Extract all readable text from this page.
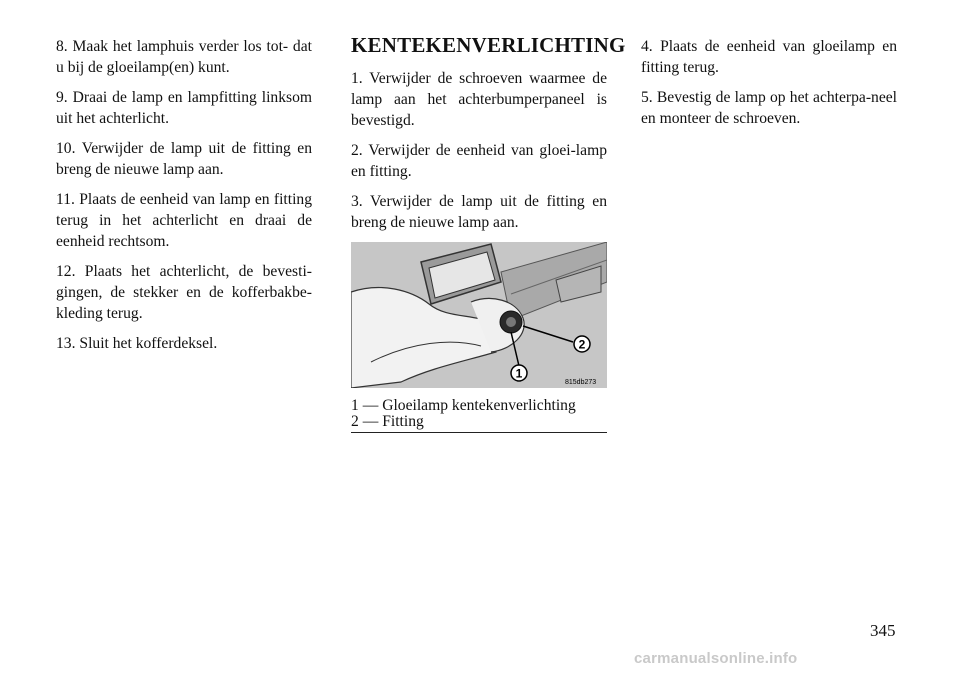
8. Maak het lamphuis verder los tot- dat u bij de gloeilamp(en) kunt.

9. Draai de lamp en lampfitting linksom uit het achterlicht.

10. Verwijder de lamp uit de fitting en breng de nieuwe lamp aan.

11. Plaats de eenheid van lamp en fitting terug in het achterlicht en draai de eenheid rechtsom.

12. Plaats het achterlicht, de bevesti-gingen, de stekker en de kofferbakbe-kleding terug.

13. Sluit het kofferdeksel.

KENTEKENVERLICHTING

1. Verwijder de schroeven waarmee de lamp aan het achterbumperpaneel is bevestigd.

2. Verwijder de eenheid van gloei-lamp en fitting.

3. Verwijder de lamp uit de fitting en breng de nieuwe lamp aan.

1
2
815db273
1 — Gloeilamp kentekenverlichting
2 — Fitting

4. Plaats de eenheid van gloeilamp en fitting terug.

5. Bevestig de lamp op het achterpa-neel en monteer de schroeven.

345
carmanualsonline.info
